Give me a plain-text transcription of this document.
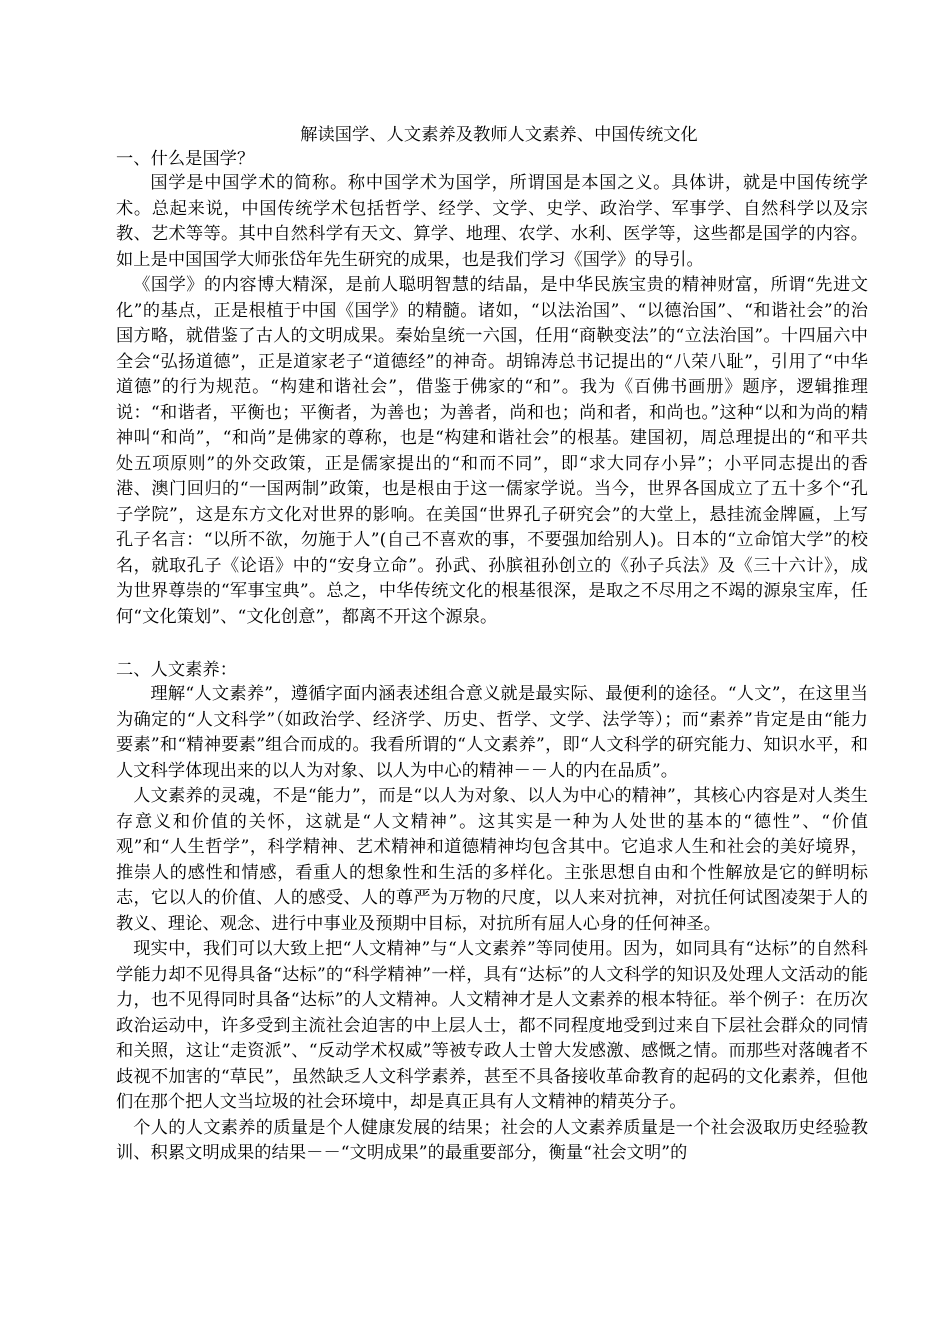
解读国学、人文素养及教师人文素养、中国传统文化
一、什么是国学？

国学是中国学术的简称。称中国学术为国学，所谓国是本国之义。具体讲，就是中国传统学术。总起来说，中国传统学术包括哲学、经学、文学、史学、政治学、军事学、自然科学以及宗教、艺术等等。其中自然科学有天文、算学、地理、农学、水利、医学等，这些都是国学的内容。如上是中国国学大师张岱年先生研究的成果，也是我们学习《国学》的导引。

《国学》的内容博大精深，是前人聪明智慧的结晶，是中华民族宝贵的精神财富，所谓“先进文化”的基点，正是根植于中国《国学》的精髓。诸如，“以法治国”、“以德治国”、“和谐社会”的治国方略，就借鉴了古人的文明成果。秦始皇统一六国，任用“商鞅变法”的“立法治国”。十四届六中全会“弘扬道德”，正是道家老子“道德经”的神奇。胡锦涛总书记提出的“八荣八耻”，引用了“中华道德”的行为规范。“构建和谐社会”，借鉴于佛家的“和”。我为《百佛书画册》题序，逻辑推理说：“和谐者，平衡也；平衡者，为善也；为善者，尚和也；尚和者，和尚也。”这种“以和为尚的精神叫“和尚”，“和尚”是佛家的尊称，也是“构建和谐社会”的根基。建国初，周总理提出的“和平共处五项原则”的外交政策，正是儒家提出的“和而不同”，即“求大同存小异”；小平同志提出的香港、澳门回归的“一国两制”政策，也是根由于这一儒家学说。当今，世界各国成立了五十多个“孔子学院”，这是东方文化对世界的影响。在美国“世界孔子研究会”的大堂上，悬挂流金牌匾，上写孔子名言：“以所不欲，勿施于人”(自己不喜欢的事，不要强加给别人)。日本的“立命馆大学”的校名，就取孔子《论语》中的“安身立命”。孙武、孙膑祖孙创立的《孙子兵法》及《三十六计》，成为世界尊崇的“军事宝典”。总之，中华传统文化的根基很深，是取之不尽用之不竭的源泉宝库，任何“文化策划”、“文化创意”，都离不开这个源泉。

二、人文素养：

理解“人文素养”，遵循字面内涵表述组合意义就是最实际、最便利的途径。“人文”，在这里当为确定的“人文科学”（如政治学、经济学、历史、哲学、文学、法学等）；而“素养”肯定是由“能力要素”和“精神要素”组合而成的。我看所谓的“人文素养”，即“人文科学的研究能力、知识水平，和人文科学体现出来的以人为对象、以人为中心的精神－－人的内在品质”。

人文素养的灵魂，不是“能力”，而是“以人为对象、以人为中心的精神”，其核心内容是对人类生存意义和价值的关怀，这就是“人文精神”。这其实是一种为人处世的基本的“德性”、“价值观”和“人生哲学”，科学精神、艺术精神和道德精神均包含其中。它追求人生和社会的美好境界，推崇人的感性和情感，看重人的想象性和生活的多样化。主张思想自由和个性解放是它的鲜明标志，它以人的价值、人的感受、人的尊严为万物的尺度，以人来对抗神，对抗任何试图凌架于人的教义、理论、观念、进行中事业及预期中目标，对抗所有屈人心身的任何神圣。

现实中，我们可以大致上把“人文精神”与“人文素养”等同使用。因为，如同具有“达标”的自然科学能力却不见得具备“达标”的“科学精神”一样，具有“达标”的人文科学的知识及处理人文活动的能力，也不见得同时具备“达标”的人文精神。人文精神才是人文素养的根本特征。举个例子：在历次政治运动中，许多受到主流社会迫害的中上层人士，都不同程度地受到过来自下层社会群众的同情和关照，这让“走资派”、“反动学术权威”等被专政人士曾大发感激、感慨之情。而那些对落魄者不歧视不加害的“草民”，虽然缺乏人文科学素养，甚至不具备接收革命教育的起码的文化素养，但他们在那个把人文当垃圾的社会环境中，却是真正具有人文精神的精英分子。

个人的人文素养的质量是个人健康发展的结果；社会的人文素养质量是一个社会汲取历史经验教训、积累文明成果的结果－－“文明成果”的最重要部分，衡量“社会文明”的
